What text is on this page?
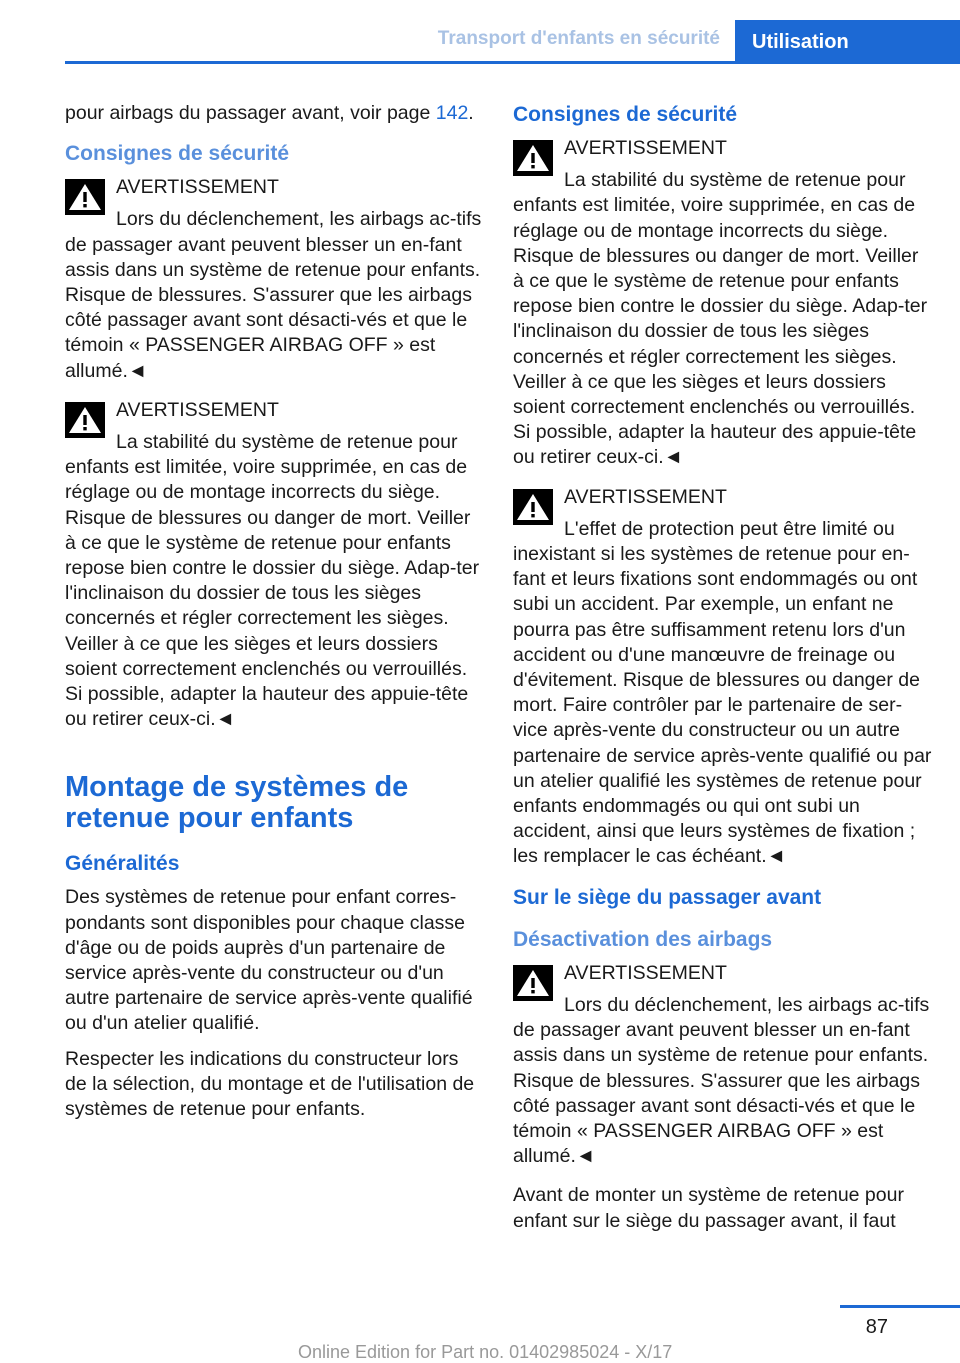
Transport d'enfants en sécurité	Utilisation

pour airbags du passager avant, voir page 142.

Consignes de sécurité
AVERTISSEMENT
Lors du déclenchement, les airbags ac‐tifs de passager avant peuvent blesser un en‐fant assis dans un système de retenue pour enfants. Risque de blessures. S'assurer que les airbags côté passager avant sont désacti‐vés et que le témoin « PASSENGER AIRBAG OFF » est allumé.◄
AVERTISSEMENT
La stabilité du système de retenue pour enfants est limitée, voire supprimée, en cas de réglage ou de montage incorrects du siège. Risque de blessures ou danger de mort. Veiller à ce que le système de retenue pour enfants repose bien contre le dossier du siège. Adap‐ter l'inclinaison du dossier de tous les sièges concernés et régler correctement les sièges. Veiller à ce que les sièges et leurs dossiers soient correctement enclenchés ou verrouillés. Si possible, adapter la hauteur des appuie-tête ou retirer ceux-ci.◄
Montage de systèmes de retenue pour enfants
Généralités

Des systèmes de retenue pour enfant corres‐pondants sont disponibles pour chaque classe d'âge ou de poids auprès d'un partenaire de service après-vente du constructeur ou d'un autre partenaire de service après-vente qualifié ou d'un atelier qualifié.

Respecter les indications du constructeur lors de la sélection, du montage et de l'utilisation de systèmes de retenue pour enfants.

Consignes de sécurité
AVERTISSEMENT
La stabilité du système de retenue pour enfants est limitée, voire supprimée, en cas de réglage ou de montage incorrects du siège. Risque de blessures ou danger de mort. Veiller à ce que le système de retenue pour enfants repose bien contre le dossier du siège. Adap‐ter l'inclinaison du dossier de tous les sièges concernés et régler correctement les sièges. Veiller à ce que les sièges et leurs dossiers soient correctement enclenchés ou verrouillés. Si possible, adapter la hauteur des appuie-tête ou retirer ceux-ci.◄
AVERTISSEMENT
L'effet de protection peut être limité ou inexistant si les systèmes de retenue pour en‐fant et leurs fixations sont endommagés ou ont subi un accident. Par exemple, un enfant ne pourra pas être suffisamment retenu lors d'un accident ou d'une manœuvre de freinage ou d'évitement. Risque de blessures ou danger de mort. Faire contrôler par le partenaire de ser‐vice après-vente du constructeur ou un autre partenaire de service après-vente qualifié ou par un atelier qualifié les systèmes de retenue pour enfants endommagés ou qui ont subi un accident, ainsi que leurs systèmes de fixation ; les remplacer le cas échéant.◄
Sur le siège du passager avant
Désactivation des airbags
AVERTISSEMENT
Lors du déclenchement, les airbags ac‐tifs de passager avant peuvent blesser un en‐fant assis dans un système de retenue pour enfants. Risque de blessures. S'assurer que les airbags côté passager avant sont désacti‐vés et que le témoin « PASSENGER AIRBAG OFF » est allumé.◄

Avant de monter un système de retenue pour enfant sur le siège du passager avant, il faut

87
Online Edition for Part no. 01402985024 - X/17
